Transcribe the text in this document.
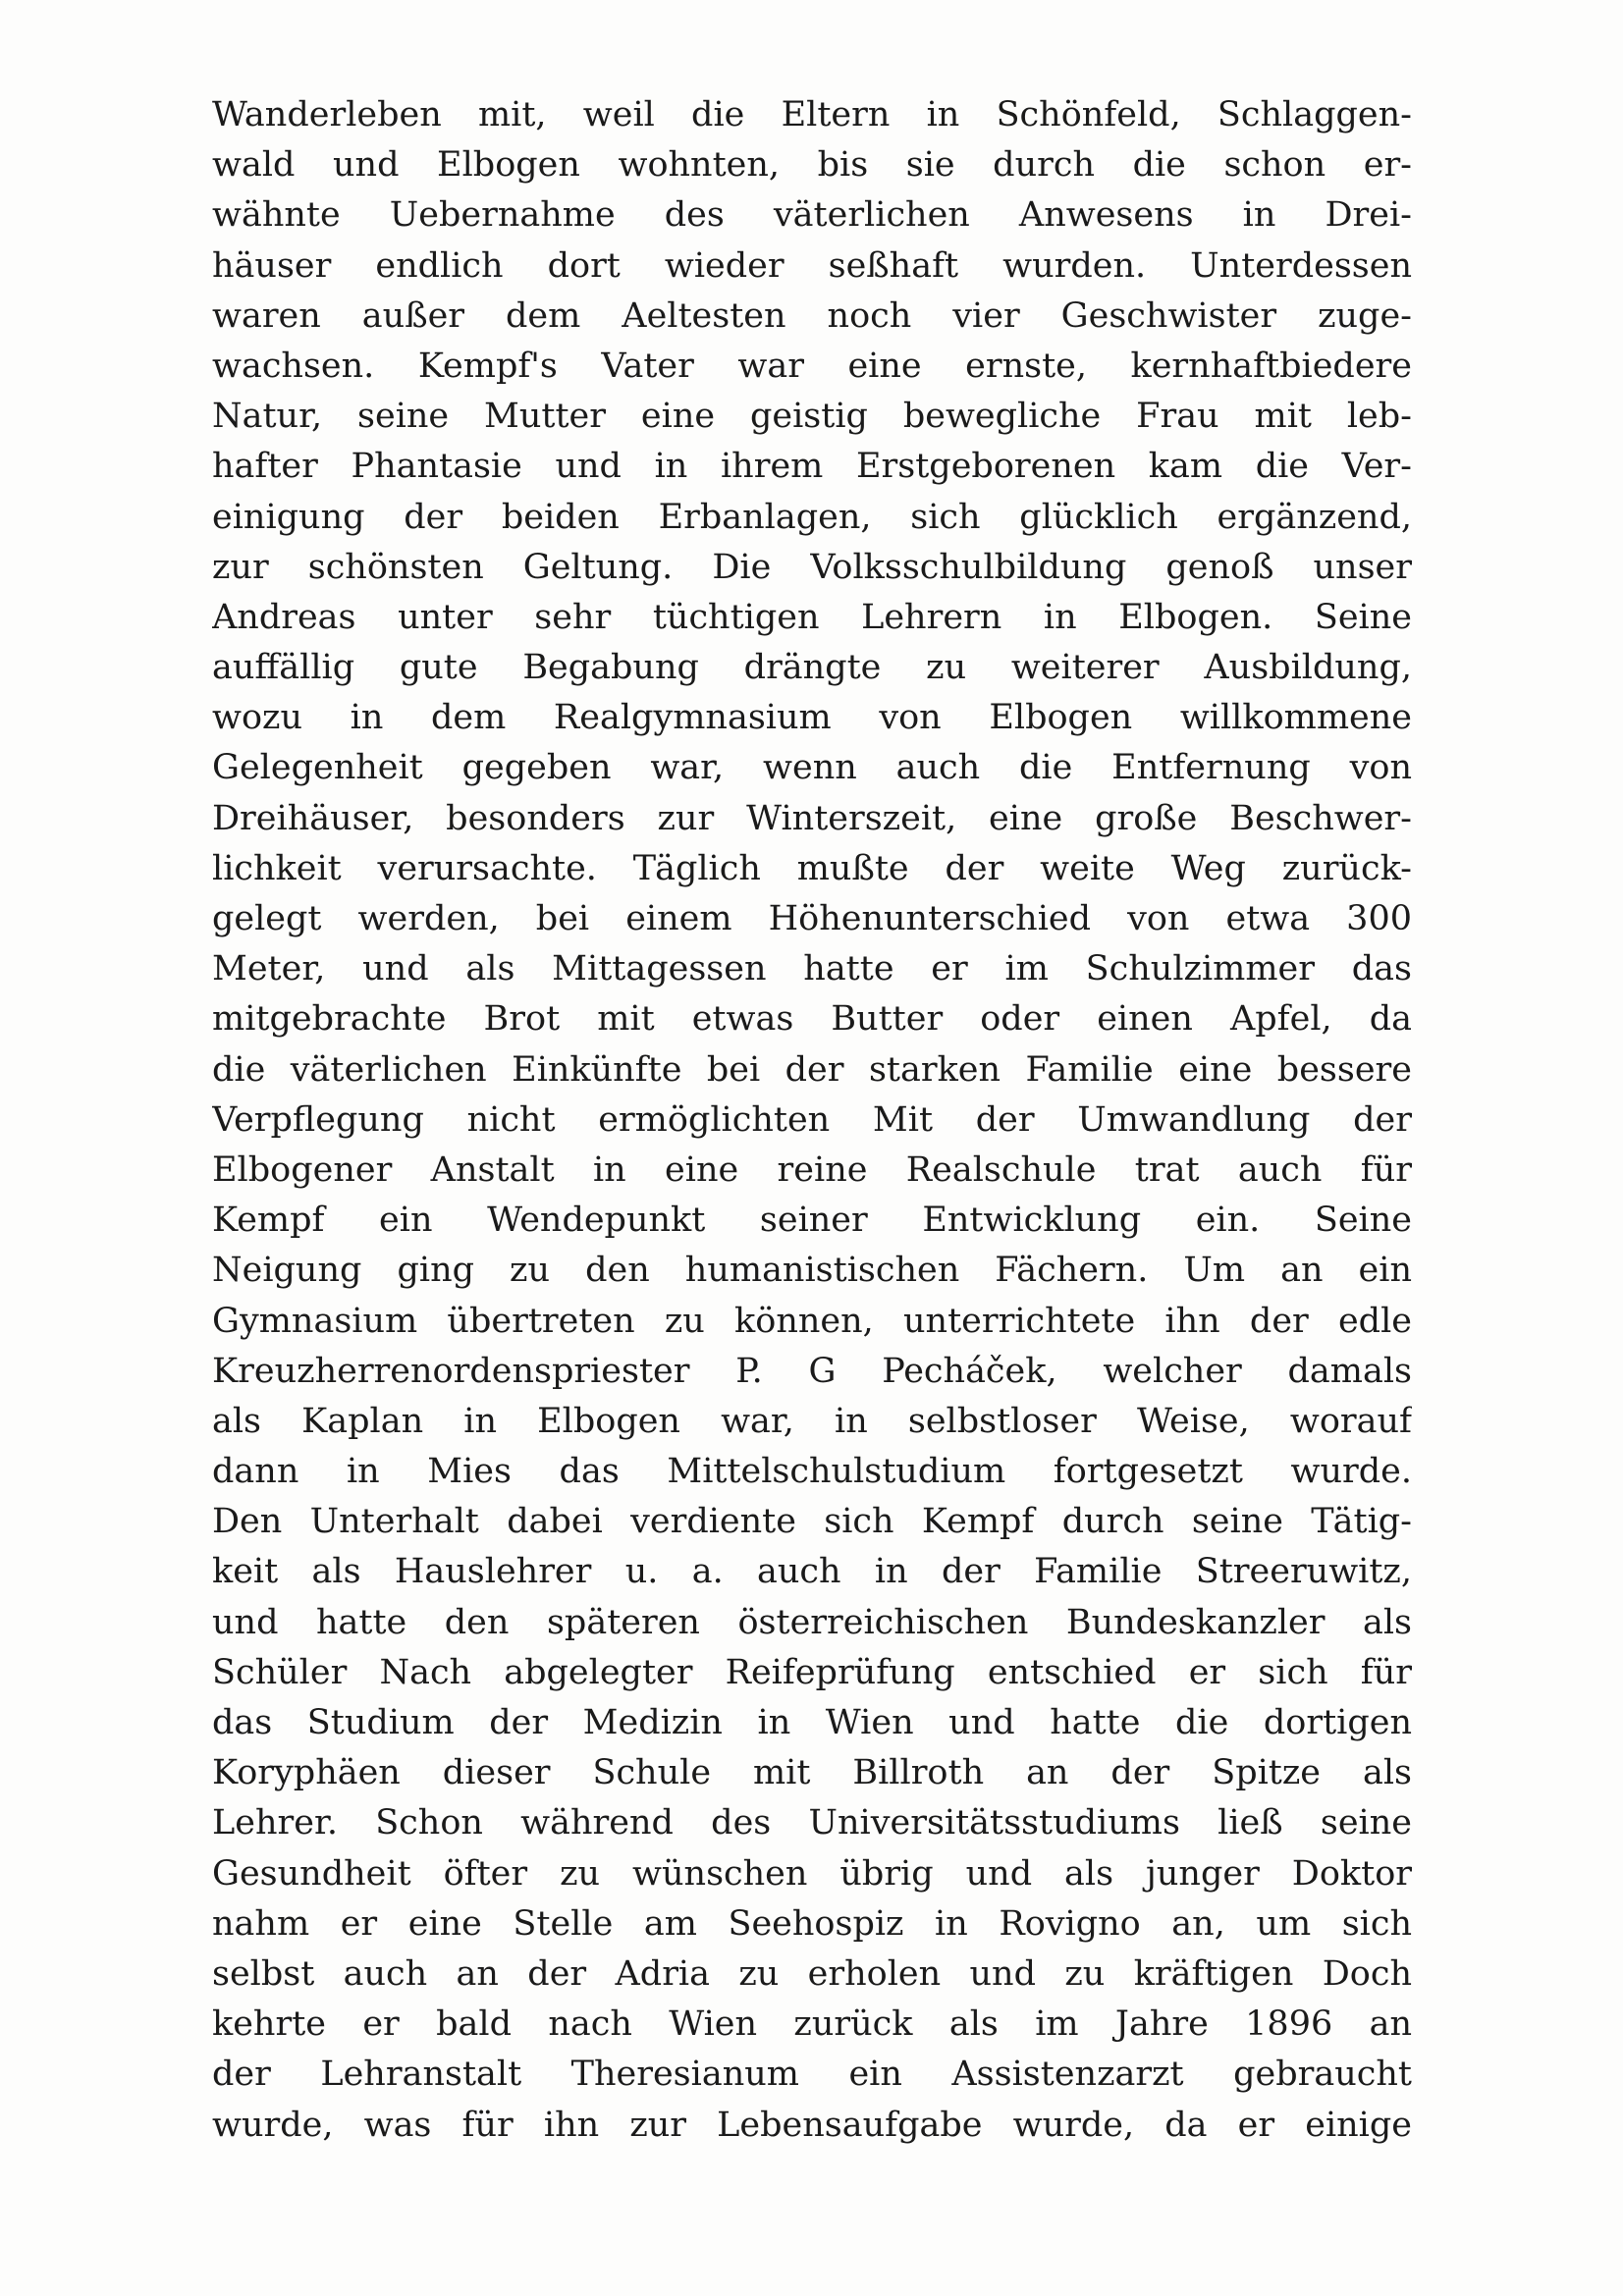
Wanderleben mit, weil die Eltern in Schönfeld, Schlaggen-
wald und Elbogen wohnten, bis sie durch die schon er-
wähnte Uebernahme des väterlichen Anwesens in Drei-
häuser endlich dort wieder seßhaft wurden. Unterdessen
waren außer dem Aeltesten noch vier Geschwister zuge-
wachsen. Kempf's Vater war eine ernste, kernhaftbiedere
Natur, seine Mutter eine geistig bewegliche Frau mit leb-
hafter Phantasie und in ihrem Erstgeborenen kam die Ver-
einigung der beiden Erbanlagen, sich glücklich ergänzend,
zur schönsten Geltung. Die Volksschulbildung genoß unser
Andreas unter sehr tüchtigen Lehrern in Elbogen. Seine
auffällig gute Begabung drängte zu weiterer Ausbildung,
wozu in dem Realgymnasium von Elbogen willkommene
Gelegenheit gegeben war, wenn auch die Entfernung von
Dreihäuser, besonders zur Winterszeit, eine große Beschwer-
lichkeit verursachte. Täglich mußte der weite Weg zurück-
gelegt werden, bei einem Höhenunterschied von etwa 300
Meter, und als Mittagessen hatte er im Schulzimmer das
mitgebrachte Brot mit etwas Butter oder einen Apfel, da
die väterlichen Einkünfte bei der starken Familie eine bessere
Verpflegung nicht ermöglichten Mit der Umwandlung der
Elbogener Anstalt in eine reine Realschule trat auch für
Kempf ein Wendepunkt seiner Entwicklung ein. Seine
Neigung ging zu den humanistischen Fächern. Um an ein
Gymnasium übertreten zu können, unterrichtete ihn der edle
Kreuzherrenordenspriester P. G Pecháček, welcher damals
als Kaplan in Elbogen war, in selbstloser Weise, worauf
dann in Mies das Mittelschulstudium fortgesetzt wurde.
Den Unterhalt dabei verdiente sich Kempf durch seine Tätig-
keit als Hauslehrer u. a. auch in der Familie Streeruwitz,
und hatte den späteren österreichischen Bundeskanzler als
Schüler Nach abgelegter Reifeprüfung entschied er sich für
das Studium der Medizin in Wien und hatte die dortigen
Koryphäen dieser Schule mit Billroth an der Spitze als
Lehrer. Schon während des Universitätsstudiums ließ seine
Gesundheit öfter zu wünschen übrig und als junger Doktor
nahm er eine Stelle am Seehospiz in Rovigno an, um sich
selbst auch an der Adria zu erholen und zu kräftigen Doch
kehrte er bald nach Wien zurück als im Jahre 1896 an
der Lehranstalt Theresianum ein Assistenzarzt gebraucht
wurde, was für ihn zur Lebensaufgabe wurde, da er einige
